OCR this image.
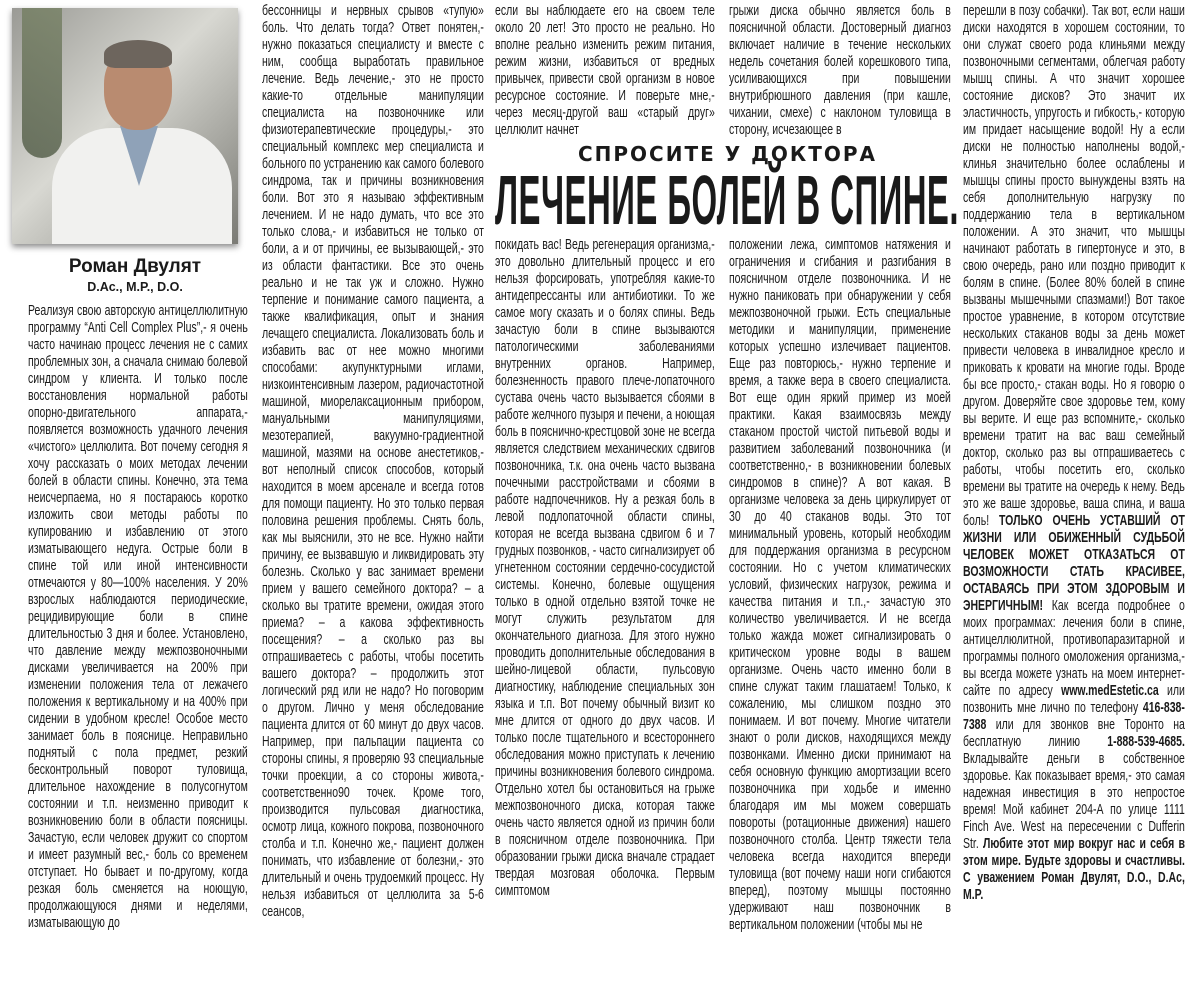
Роман Двулят
D.Ac., M.P., D.O.

Реализуя свою авторскую антицеллюлитную программу “Anti Cell Complex Plus”,- я очень часто начинаю процесс лечения не с самих проблемных зон, а сначала снимаю болевой синдром у клиента. И только после восстановления нормальной работы опорно-двигательного аппарата,- появляется возможность удачного лечения «чистого» целлюлита. Вот почему сегодня я хочу рассказать о моих методах лечении болей в области спины. Конечно, эта тема неисчерпаема, но я постараюсь коротко изложить свои методы работы по купированию и избавлению от этого изматывающего недуга. Острые боли в спине той или иной интенсивности отмечаются у 80—100% населения. У 20% взрослых наблюдаются периодические, рецидивирующие боли в спине длительностью 3 дня и более. Установлено, что давление между межпозвоночными дисками увеличивается на 200% при изменении положения тела от лежачего положения к вертикальному и на 400% при сидении в удобном кресле! Особое место занимает боль в пояснице. Неправильно поднятый с пола предмет, резкий бесконтрольный поворот туловища, длительное нахождение в полусогнутом состоянии и т.п. неизменно приводит к возникновению боли в области поясницы. Зачастую, если человек дружит со спортом и имеет разумный вес,- боль со временем отступает. Но бывает и по-другому, когда резкая боль сменяется на ноющую, продолжающуюся днями и неделями, изматывающую до

бессонницы и нервных срывов «тупую» боль. Что делать тогда? Ответ понятен,- нужно показаться специалисту и вместе с ним, сообща выработать правильное лечение. Ведь лечение,- это не просто какие-то отдельные манипуляции специалиста на позвоночнике или физиотерапевтические процедуры,- это специальный комплекс мер специалиста и больного по устранению как самого болевого синдрома, так и причины возникновения боли. Вот это я называю эффективным лечением. И не надо думать, что все это только слова,- и избавиться не только от боли, а и от причины, ее вызывающей,- это из области фантастики. Все это очень реально и не так уж и сложно. Нужно терпение и понимание самого пациента, а также квалификация, опыт и знания лечащего специалиста. Локализовать боль и избавить вас от нее можно многими способами: акупунктурными иглами, низкоинтенсивным лазером, радиочастотной машиной, миорелаксационным прибором, мануальными манипуляциями, мезотерапией, вакуумно-градиентной машиной, мазями на основе анестетиков,- вот неполный список способов, который находится в моем арсенале и всегда готов для помощи пациенту. Но это только первая половина решения проблемы. Снять боль, как мы выяснили, это не все. Нужно найти причину, ее вызвавшую и ликвидировать эту болезнь. Сколько у вас занимает времени прием у вашего семейного доктора? – а сколько вы тратите времени, ожидая этого приема? – а какова эффективность посещения? – а сколько раз вы отпрашиваетесь с работы, чтобы посетить вашего доктора? – продолжить этот логический ряд или не надо? Но поговорим о другом. Лично у меня обследование пациента длится от 60 минут до двух часов. Например, при пальпации пациента со стороны спины, я проверяю 93 специальные точки проекции, а со стороны живота,- соответственно90 точек. Кроме того, производится пульсовая диагностика, осмотр лица, кожного покрова, позвоночного столба и т.п. Конечно же,- пациент должен понимать, что избавление от болезни,- это длительный и очень трудоемкий процесс. Ну нельзя избавиться от целлюлита за 5-6 сеансов,

если вы наблюдаете его на своем теле около 20 лет! Это просто не реально. Но вполне реально изменить режим питания, режим жизни, избавиться от вредных привычек, привести свой организм в новое ресурсное состояние. И поверьте мне,- через месяц-другой ваш «старый друг» целлюлит начнет

грыжи диска обычно является боль в поясничной области. Достоверный диагноз включает наличие в течение нескольких недель сочетания болей корешкового типа, усиливающихся при повышении внутрибрюшного давления (при кашле, чихании, смехе) с наклоном туловища в сторону, исчезающее в

СПРОСИТЕ У ДОКТОРА
ЛЕЧЕНИЕ БОЛЕЙ В СПИНЕ.

покидать вас! Ведь регенерация организма,- это довольно длительный процесс и его нельзя форсировать, употребляя какие-то антидепрессанты или антибиотики. То же самое могу сказать и о болях спины. Ведь зачастую боли в спине вызываются патологическими заболеваниями внутренних органов. Например, болезненность правого плече-лопаточного сустава очень часто вызывается сбоями в работе желчного пузыря и печени, а ноющая боль в пояснично-крестцовой зоне не всегда является следствием механических сдвигов позвоночника, т.к. она очень часто вызвана почечными расстройствами и сбоями в работе надпочечников. Ну а резкая боль в левой подлопаточной области спины, которая не всегда вызвана сдвигом 6 и 7 грудных позвонков, - часто сигнализирует об угнетенном состоянии сердечно-сосудистой системы. Конечно, болевые ощущения только в одной отдельно взятой точке не могут служить результатом для окончательного диагноза. Для этого нужно проводить дополнительные обследования в шейно-лицевой области, пульсовую диагностику, наблюдение специальных зон языка и т.п. Вот почему обычный визит ко мне длится от одного до двух часов. И только после тщательного и всестороннего обследования можно приступать к лечению причины возникновения болевого синдрома. Отдельно хотел бы остановиться на грыже межпозвоночного диска, которая также очень часто является одной из причин боли в поясничном отделе позвоночника. При образовании грыжи диска вначале страдает твердая мозговая оболочка. Первым симптомом

положении лежа, симптомов натяжения и ограничения и сгибания и разгибания в поясничном отделе позвоночника. И не нужно паниковать при обнаружении у себя межпозвоночной грыжи. Есть специальные методики и манипуляции, применение которых успешно излечивает пациентов. Еще раз повторюсь,- нужно терпение и время, а также вера в своего специалиста. Вот еще один яркий пример из моей практики. Какая взаимосвязь между стаканом простой чистой питьевой воды и развитием заболеваний позвоночника (и соответственно,- в возникновении болевых синдромов в спине)? А вот какая. В организме человека за день циркулирует от 30 до 40 стаканов воды. Это тот минимальный уровень, который необходим для поддержания организма в ресурсном состоянии. Но с учетом климатических условий, физических нагрузок, режима и качества питания и т.п.,- зачастую это количество увеличивается. И не всегда только жажда может сигнализировать о критическом уровне воды в вашем организме. Очень часто именно боли в спине служат таким глашатаем! Только, к сожалению, мы слишком поздно это понимаем. И вот почему. Многие читатели знают о роли дисков, находящихся между позвонками. Именно диски принимают на себя основную функцию амортизации всего позвоночника при ходьбе и именно благодаря им мы можем совершать повороты (ротационные движения) нашего позвоночного столба. Центр тяжести тела человека всегда находится впереди туловища (вот почему наши ноги сгибаются вперед), поэтому мышцы постоянно удерживают наш позвоночник в вертикальном положении (чтобы мы не

перешли в позу собачки). Так вот, если наши диски находятся в хорошем состоянии, то они служат своего рода клиньями между позвоночными сегментами, облегчая работу мышц спины. А что значит хорошее состояние дисков? Это значит их эластичность, упругость и гибкость,- которую им придает насыщение водой! Ну а если диски не полностью наполнены водой,- клинья значительно более ослаблены и мышцы спины просто вынуждены взять на себя дополнительную нагрузку по поддержанию тела в вертикальном положении. А это значит, что мышцы начинают работать в гипертонусе и это, в свою очередь, рано или поздно приводит к болям в спине. (Более 80% болей в спине вызваны мышечными спазмами!) Вот такое простое уравнение, в котором отсутствие нескольких стаканов воды за день может привести человека в инвалидное кресло и приковать к кровати на многие годы. Вроде бы все просто,- стакан воды. Но я говорю о другом. Доверяйте свое здоровье тем, кому вы верите. И еще раз вспомните,- сколько времени тратит на вас ваш семейный доктор, сколько раз вы отпрашиваетесь с работы, чтобы посетить его, сколько времени вы тратите на очередь к нему. Ведь это же ваше здоровье, ваша спина, и ваша боль! ТОЛЬКО ОЧЕНЬ УСТАВШИЙ ОТ ЖИЗНИ ИЛИ ОБИЖЕННЫЙ СУДЬБОЙ ЧЕЛОВЕК МОЖЕТ ОТКАЗАТЬСЯ ОТ ВОЗМОЖНОСТИ СТАТЬ КРАСИВЕЕ, ОСТАВАЯСЬ ПРИ ЭТОМ ЗДОРОВЫМ И ЭНЕРГИЧНЫМ! Как всегда подробнее о моих программах: лечения боли в спине, антицеллюлитной, противопаразитарной и программы полного омоложения организма,- вы всегда можете узнать на моем интернет-сайте по адресу www.medEstetic.ca или позвонить мне лично по телефону 416-838-7388 или для звонков вне Торонто на бесплатную линию 1-888-539-4685. Вкладывайте деньги в собственное здоровье. Как показывает время,- это самая надежная инвестиция в это непростое время! Мой кабинет 204-А по улице 1111 Finch Ave. West на пересечении с Dufferin Str. Любите этот мир вокруг нас и себя в этом мире. Будьте здоровы и счастливы. С уважением Роман Двулят, D.O., D.Ac, M.P.
